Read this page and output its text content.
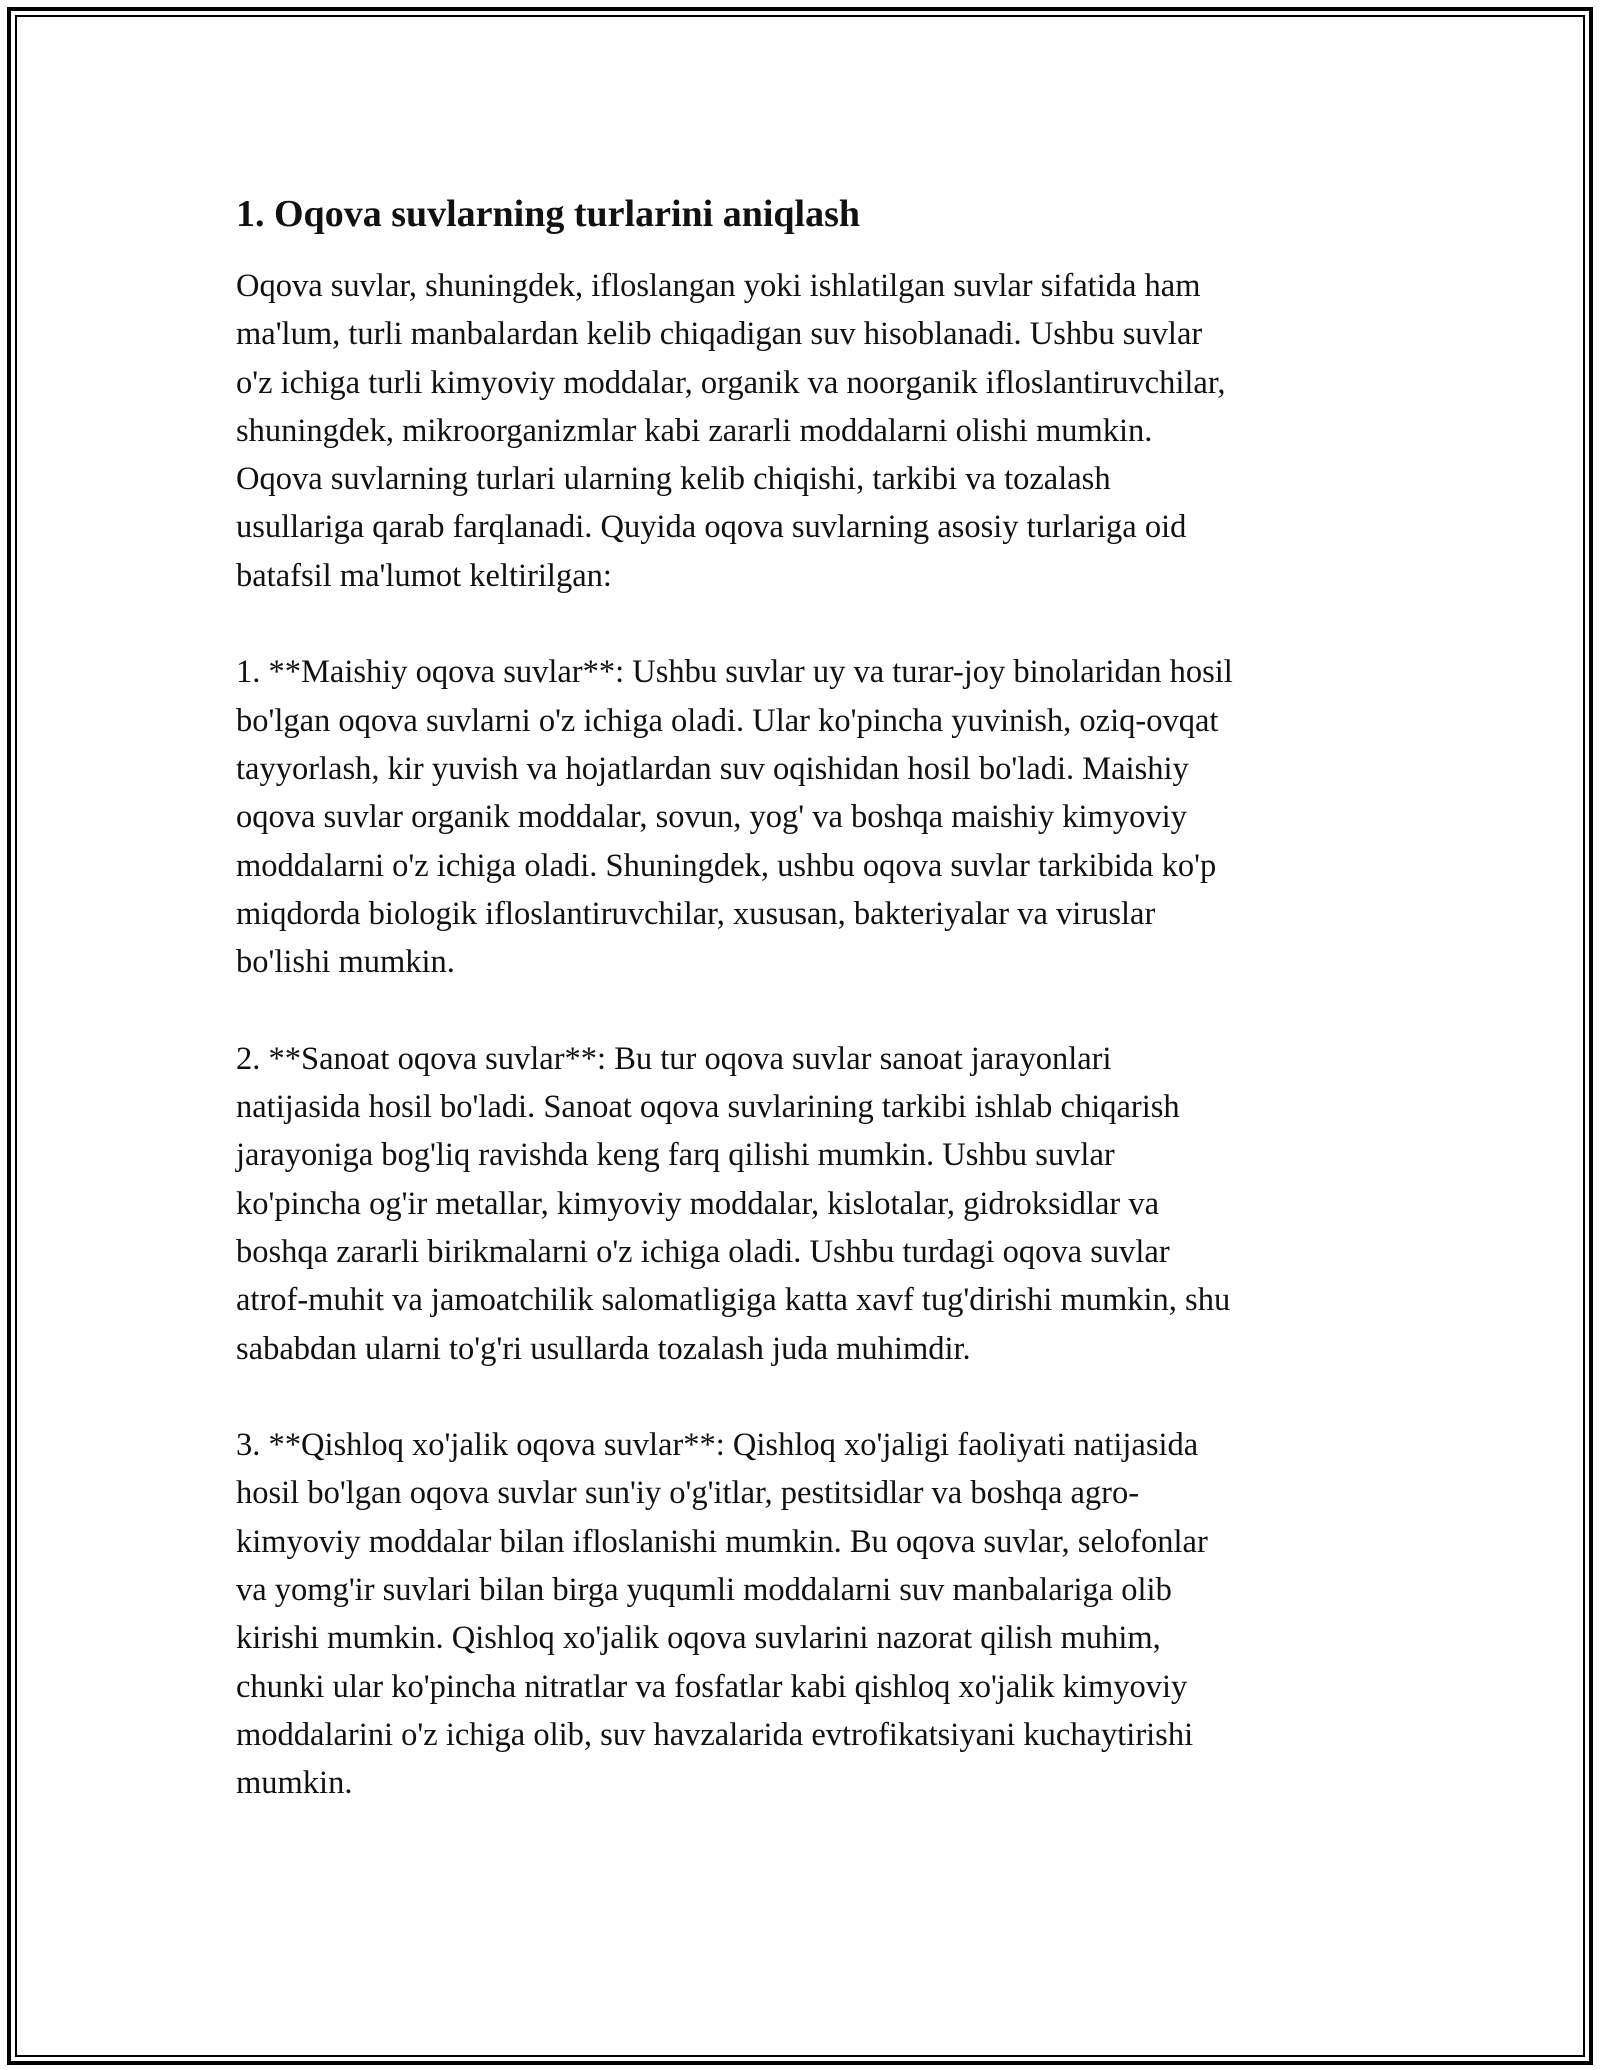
1. Oqova suvlarning turlarini aniqlash

Oqova suvlar, shuningdek, ifloslangan yoki ishlatilgan suvlar sifatida ham
ma'lum, turli manbalardan kelib chiqadigan suv hisoblanadi. Ushbu suvlar
o'z ichiga turli kimyoviy moddalar, organik va noorganik ifloslantiruvchilar,
shuningdek, mikroorganizmlar kabi zararli moddalarni olishi mumkin.
Oqova suvlarning turlari ularning kelib chiqishi, tarkibi va tozalash
usullariga qarab farqlanadi. Quyida oqova suvlarning asosiy turlariga oid
batafsil ma'lumot keltirilgan:

1. **Maishiy oqova suvlar**: Ushbu suvlar uy va turar-joy binolaridan hosil
bo'lgan oqova suvlarni o'z ichiga oladi. Ular ko'pincha yuvinish, oziq-ovqat
tayyorlash, kir yuvish va hojatlardan suv oqishidan hosil bo'ladi. Maishiy
oqova suvlar organik moddalar, sovun, yog' va boshqa maishiy kimyoviy
moddalarni o'z ichiga oladi. Shuningdek, ushbu oqova suvlar tarkibida ko'p
miqdorda biologik ifloslantiruvchilar, xususan, bakteriyalar va viruslar
bo'lishi mumkin.

2. **Sanoat oqova suvlar**: Bu tur oqova suvlar sanoat jarayonlari
natijasida hosil bo'ladi. Sanoat oqova suvlarining tarkibi ishlab chiqarish
jarayoniga bog'liq ravishda keng farq qilishi mumkin. Ushbu suvlar
ko'pincha og'ir metallar, kimyoviy moddalar, kislotalar, gidroksidlar va
boshqa zararli birikmalarni o'z ichiga oladi. Ushbu turdagi oqova suvlar
atrof-muhit va jamoatchilik salomatligiga katta xavf tug'dirishi mumkin, shu
sababdan ularni to'g'ri usullarda tozalash juda muhimdir.

3. **Qishloq xo'jalik oqova suvlar**: Qishloq xo'jaligi faoliyati natijasida
hosil bo'lgan oqova suvlar sun'iy o'g'itlar, pestitsidlar va boshqa agro-
kimyoviy moddalar bilan ifloslanishi mumkin. Bu oqova suvlar, selofonlar
va yomg'ir suvlari bilan birga yuqumli moddalarni suv manbalariga olib
kirishi mumkin. Qishloq xo'jalik oqova suvlarini nazorat qilish muhim,
chunki ular ko'pincha nitratlar va fosfatlar kabi qishloq xo'jalik kimyoviy
moddalarini o'z ichiga olib, suv havzalarida evtrofikatsiyani kuchaytirishi
mumkin.
